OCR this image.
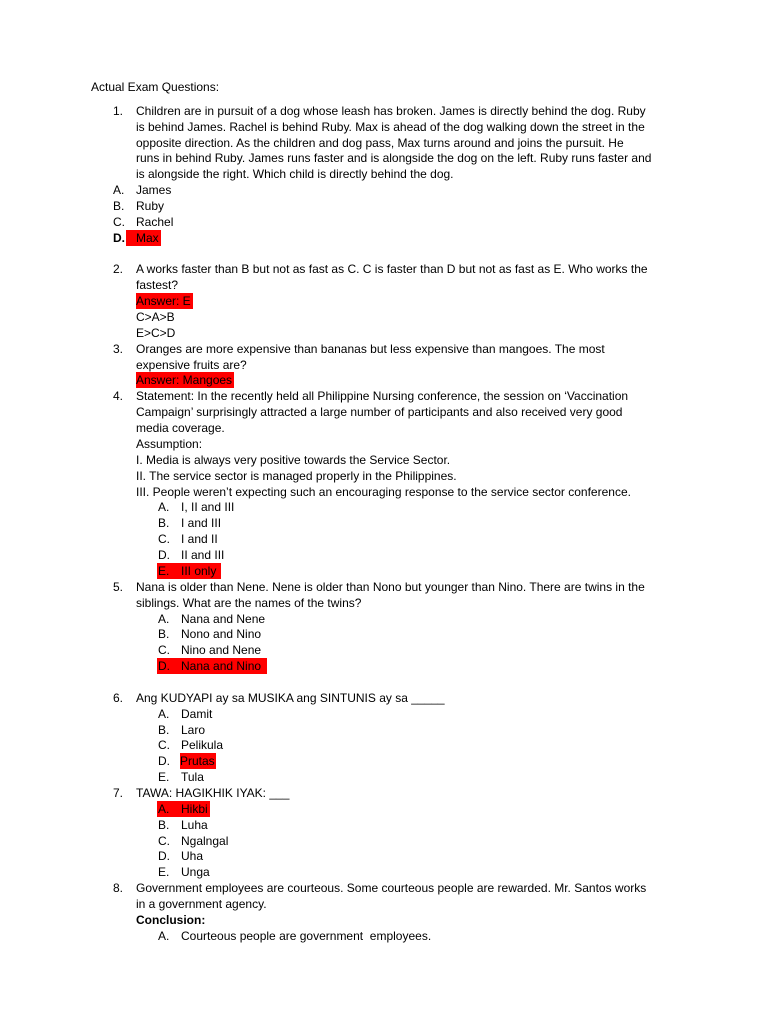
Actual Exam Questions:
1. Children are in pursuit of a dog whose leash has broken. James is directly behind the dog. Ruby
is behind James. Rachel is behind Ruby. Max is ahead of the dog walking down the street in the
opposite direction. As the children and dog pass, Max turns around and joins the pursuit. He
runs in behind Ruby. James runs faster and is alongside the dog on the left. Ruby runs faster and
is alongside the right. Which child is directly behind the dog.
A. James
B. Ruby
C. Rachel
D. Max
2. A works faster than B but not as fast as C. C is faster than D but not as fast as E. Who works the
fastest?
Answer: E
C>A>B
E>C>D
3. Oranges are more expensive than bananas but less expensive than mangoes. The most
expensive fruits are?
Answer: Mangoes
4. Statement: In the recently held all Philippine Nursing conference, the session on ‘Vaccination
Campaign’ surprisingly attracted a large number of participants and also received very good
media coverage.
Assumption:
I. Media is always very positive towards the Service Sector.
II. The service sector is managed properly in the Philippines.
III. People weren’t expecting such an encouraging response to the service sector conference.
A. I, II and III
B. I and III
C. I and II
D. II and III
E. III only
5. Nana is older than Nene. Nene is older than Nono but younger than Nino. There are twins in the
siblings. What are the names of the twins?
A. Nana and Nene
B. Nono and Nino
C. Nino and Nene
D. Nana and Nino
6. Ang KUDYAPI ay sa MUSIKA ang SINTUNIS ay sa _____
A. Damit
B. Laro
C. Pelikula
D. Prutas
E. Tula
7. TAWA: HAGIKHIK IYAK: ___
A. Hikbi
B. Luha
C. Ngalngal
D. Uha
E. Unga
8. Government employees are courteous. Some courteous people are rewarded. Mr. Santos works
in a government agency.
Conclusion:
A. Courteous people are government  employees.
